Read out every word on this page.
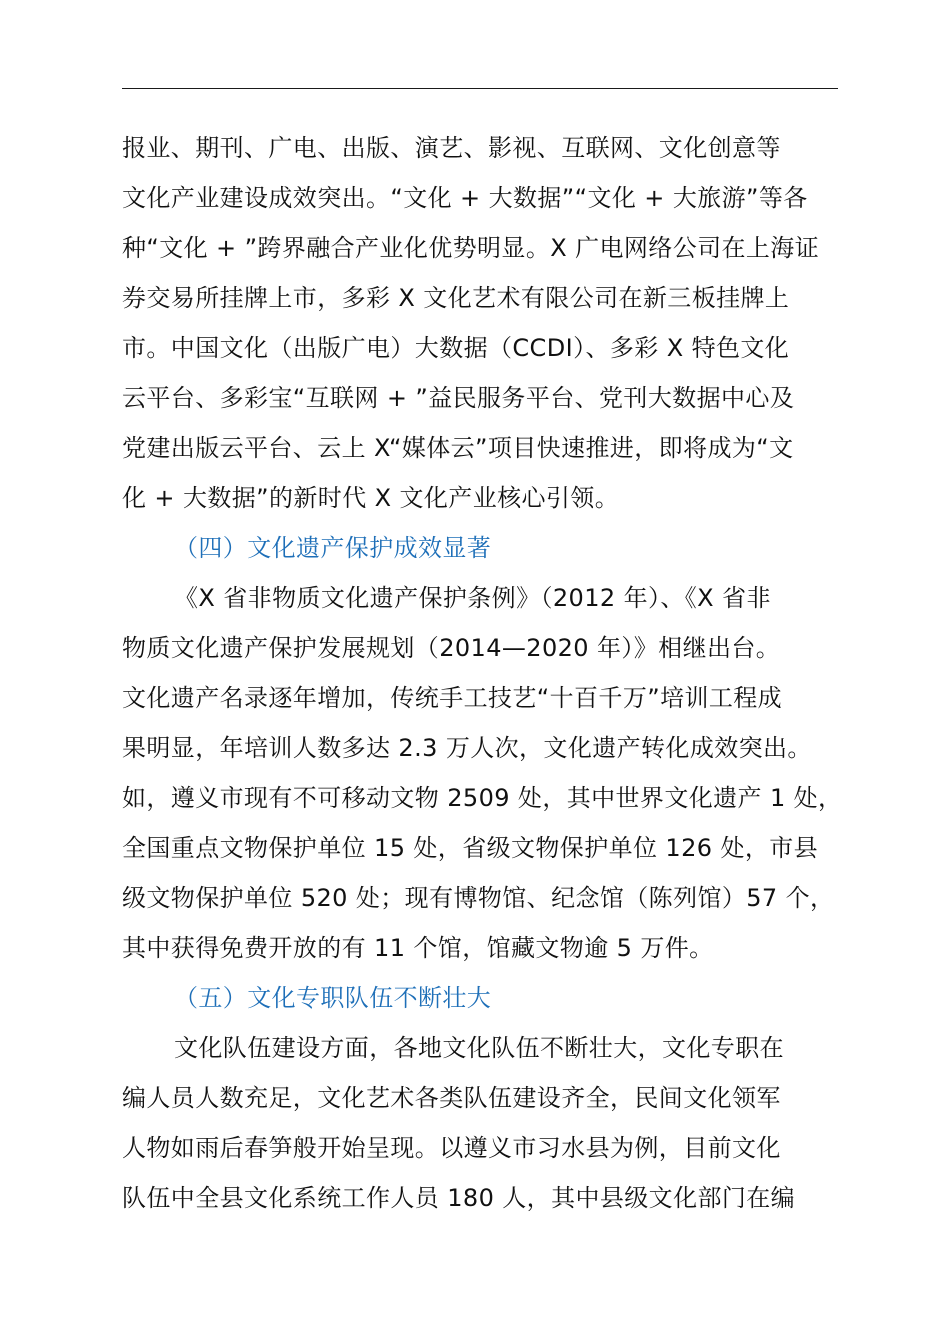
报业、期刊、广电、出版、演艺、影视、互联网、文化创意等
文化产业建设成效突出。“文化 + 大数据”“文化 + 大旅游”等各
种“文化 + ”跨界融合产业化优势明显。X 广电网络公司在上海证
券交易所挂牌上市，多彩 X 文化艺术有限公司在新三板挂牌上
市。中国文化（出版广电）大数据（CCDI）、多彩 X 特色文化
云平台、多彩宝“互联网 + ”益民服务平台、党刊大数据中心及
党建出版云平台、云上 X“媒体云”项目快速推进，即将成为“文
化 + 大数据”的新时代 X 文化产业核心引领。
（四）文化遗产保护成效显著
《X 省非物质文化遗产保护条例》（2012 年）、《X 省非
物质文化遗产保护发展规划（2014—2020 年）》相继出台。
文化遗产名录逐年增加，传统手工技艺“十百千万”培训工程成
果明显，年培训人数多达 2.3 万人次，文化遗产转化成效突出。
如，遵义市现有不可移动文物 2509 处，其中世界文化遗产 1 处，
全国重点文物保护单位 15 处，省级文物保护单位 126 处，市县
级文物保护单位 520 处；现有博物馆、纪念馆（陈列馆）57 个，
其中获得免费开放的有 11 个馆，馆藏文物逾 5 万件。
（五）文化专职队伍不断壮大
文化队伍建设方面，各地文化队伍不断壮大，文化专职在
编人员人数充足，文化艺术各类队伍建设齐全，民间文化领军
人物如雨后春笋般开始呈现。以遵义市习水县为例，目前文化
队伍中全县文化系统工作人员 180 人，其中县级文化部门在编
